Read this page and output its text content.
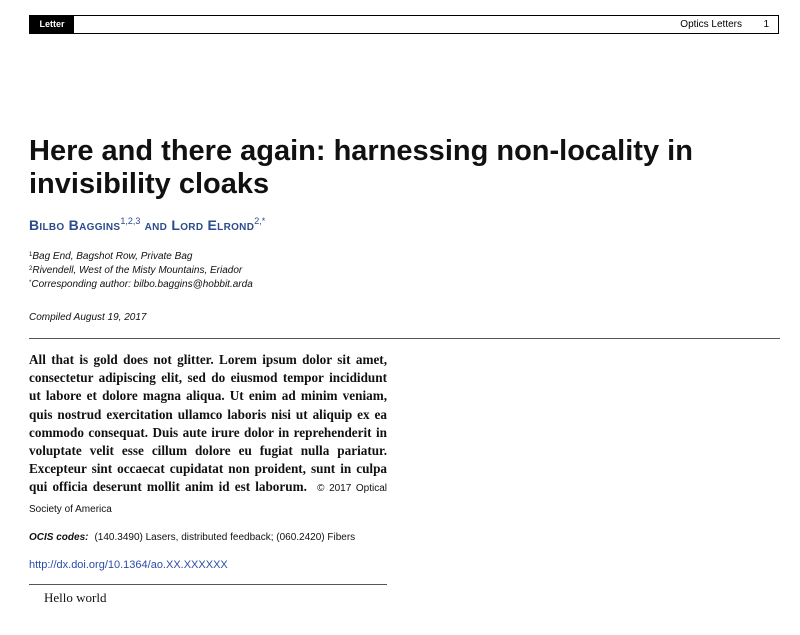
Letter	Optics Letters 1
Here and there again: harnessing non-locality in invisibility cloaks
Bilbo Baggins$^{1,2,3}$ and Lord Elrond$^{2,*}$
$^1$Bag End, Bagshot Row, Private Bag
$^2$Rivendell, West of the Misty Mountains, Eriador
*Corresponding author: bilbo.baggins@hobbit.arda
Compiled August 19, 2017

All that is gold does not glitter. Lorem ipsum dolor sit amet, consectetur adipiscing elit, sed do eiusmod tempor incididunt ut labore et dolore magna aliqua. Ut enim ad minim veniam, quis nostrud exercitation ullamco laboris nisi ut aliquip ex ea commodo consequat. Duis aute irure dolor in reprehenderit in voluptate velit esse cillum dolore eu fugiat nulla pariatur. Excepteur sint occaecat cupidatat non proident, sunt in culpa qui officia deserunt mollit anim id est laborum. © 2017 Optical Society of America

OCIS codes: (140.3490) Lasers, distributed feedback; (060.2420) Fibers
http://dx.doi.org/10.1364/ao.XX.XXXXXX
Hello world
